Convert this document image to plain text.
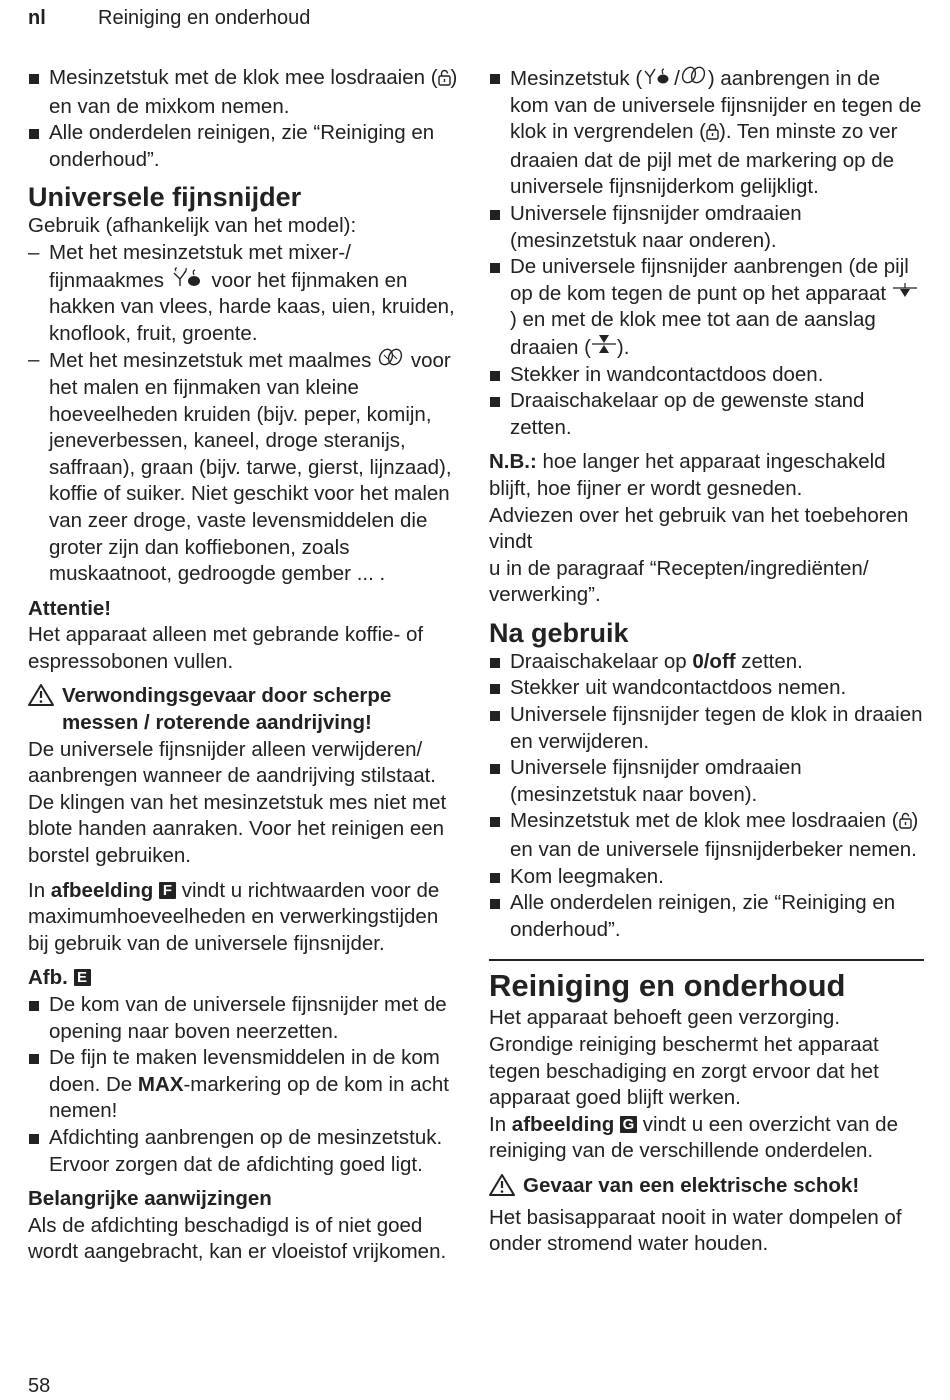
nl	Reiniging en onderhoud
Mesinzetstuk met de klok mee losdraaien ( ) en van de mixkom nemen.
Alle onderdelen reinigen, zie “Reiniging en onderhoud”.
Universele fijnsnijder

Gebruik (afhankelijk van het model):

– Met het mesinzetstuk met mixer-/ fijnmaakmes  voor het fijnmaken en hakken van vlees, harde kaas, uien, kruiden, knoflook, fruit, groente.
– Met het mesinzetstuk met maalmes  voor het malen en fijnmaken van kleine hoeveelheden kruiden (bijv. peper, komijn, jeneverbessen, kaneel, droge steranijs, saffraan), graan (bijv. tarwe, gierst, lijnzaad), koffie of suiker. Niet geschikt voor het malen van zeer droge, vaste levensmiddelen die groter zijn dan koffiebonen, zoals muskaatnoot, gedroogde gember ... .

Attentie!

Het apparaat alleen met gebrande koffie- of espressobonen vullen.

Verwondingsgevaar door scherpe messen / roterende aandrijving!

De universele fijnsnijder alleen verwijderen/ aanbrengen wanneer de aandrijving stilstaat. De klingen van het mesinzetstuk mes niet met blote handen aanraken. Voor het reinigen een borstel gebruiken.

In afbeelding F vindt u richtwaarden voor de maximumhoeveelheden en verwerkingstijden bij gebruik van de universele fijnsnijder.

Afb. E

De kom van de universele fijnsnijder met de opening naar boven neerzetten.
De fijn te maken levensmiddelen in de kom doen. De MAX-markering op de kom in acht nemen!
Afdichting aanbrengen op de mesinzetstuk. Ervoor zorgen dat de afdichting goed ligt.

Belangrijke aanwijzingen

Als de afdichting beschadigd is of niet goed wordt aangebracht, kan er vloeistof vrijkomen.

Mesinzetstuk ( / ) aanbrengen in de kom van de universele fijnsnijder en tegen de klok in vergrendelen ( ). Ten minste zo ver draaien dat de pijl met de markering op de universele fijnsnijderkom gelijkligt.
Universele fijnsnijder omdraaien (mesinzetstuk naar onderen).
De universele fijnsnijder aanbrengen (de pijl op de kom tegen de punt op het apparaat ) en met de klok mee tot aan de aanslag draaien ( ).
Stekker in wandcontactdoos doen.
Draaischakelaar op de gewenste stand zetten.

N.B.: hoe langer het apparaat ingeschakeld blijft, hoe fijner er wordt gesneden.

Adviezen over het gebruik van het toebehoren vindt

u in de paragraaf “Recepten/ingrediënten/ verwerking”.

Na gebruik
Draaischakelaar op 0/off zetten.
Stekker uit wandcontactdoos nemen.
Universele fijnsnijder tegen de klok in draaien en verwijderen.
Universele fijnsnijder omdraaien (mesinzetstuk naar boven).
Mesinzetstuk met de klok mee losdraaien ( ) en van de universele fijnsnijderbeker nemen.
Kom leegmaken.
Alle onderdelen reinigen, zie “Reiniging en onderhoud”.
Reiniging en onderhoud

Het apparaat behoeft geen verzorging. Grondige reiniging beschermt het apparaat tegen beschadiging en zorgt ervoor dat het apparaat goed blijft werken.

In afbeelding G vindt u een overzicht van de reiniging van de verschillende onderdelen.

Gevaar van een elektrische schok!

Het basisapparaat nooit in water dompelen of onder stromend water houden.

58
